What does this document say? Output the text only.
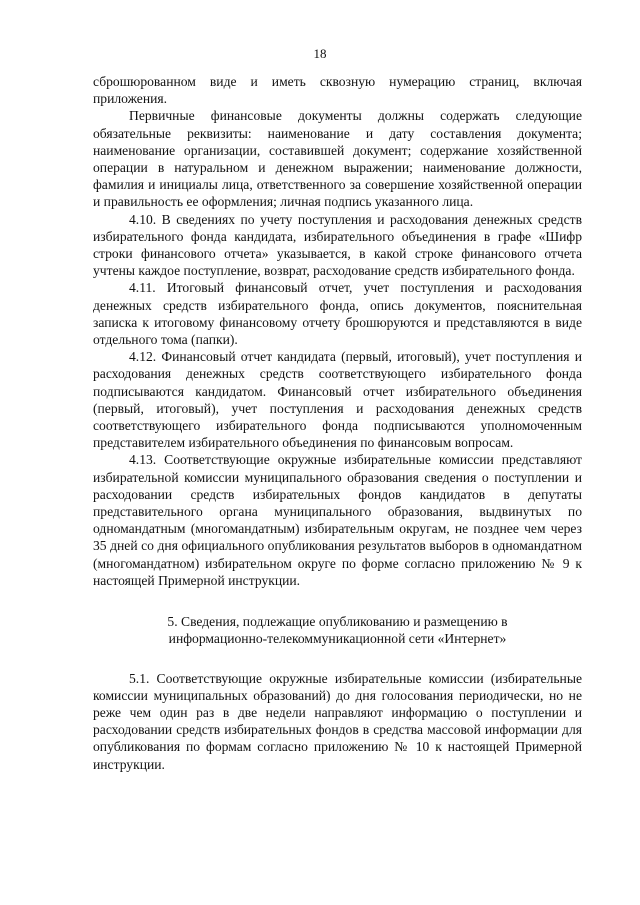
18

сброшюрованном виде и иметь сквозную нумерацию страниц, включая приложения.

Первичные финансовые документы должны содержать следующие обязательные реквизиты: наименование и дату составления документа; наименование организации, составившей документ; содержание хозяйственной операции в натуральном и денежном выражении; наименование должности, фамилия и инициалы лица, ответственного за совершение хозяйственной операции и правильность ее оформления; личная подпись указанного лица.

4.10. В сведениях по учету поступления и расходования денежных средств избирательного фонда кандидата, избирательного объединения в графе «Шифр строки финансового отчета» указывается, в какой строке финансового отчета учтены каждое поступление, возврат, расходование средств избирательного фонда.

4.11. Итоговый финансовый отчет, учет поступления и расходования денежных средств избирательного фонда, опись документов, пояснительная записка к итоговому финансовому отчету брошюруются и представляются в виде отдельного тома (папки).

4.12. Финансовый отчет кандидата (первый, итоговый), учет поступления и расходования денежных средств соответствующего избирательного фонда подписываются кандидатом. Финансовый отчет избирательного объединения (первый, итоговый), учет поступления и расходования денежных средств соответствующего избирательного фонда подписываются уполномоченным представителем избирательного объединения по финансовым вопросам.

4.13. Соответствующие окружные избирательные комиссии представляют избирательной комиссии муниципального образования сведения о поступлении и расходовании средств избирательных фондов кандидатов в депутаты представительного органа муниципального образования, выдвинутых по одномандатным (многомандатным) избирательным округам, не позднее чем через 35 дней со дня официального опубликования результатов выборов в одномандатном (многомандатном) избирательном округе по форме согласно приложению № 9 к настоящей Примерной инструкции.

5. Сведения, подлежащие опубликованию и размещению в
информационно-телекоммуникационной сети «Интернет»

5.1. Соответствующие окружные избирательные комиссии (избирательные комиссии муниципальных образований) до дня голосования периодически, но не реже чем один раз в две недели направляют информацию о поступлении и расходовании средств избирательных фондов в средства массовой информации для опубликования по формам согласно приложению № 10 к настоящей Примерной инструкции.
